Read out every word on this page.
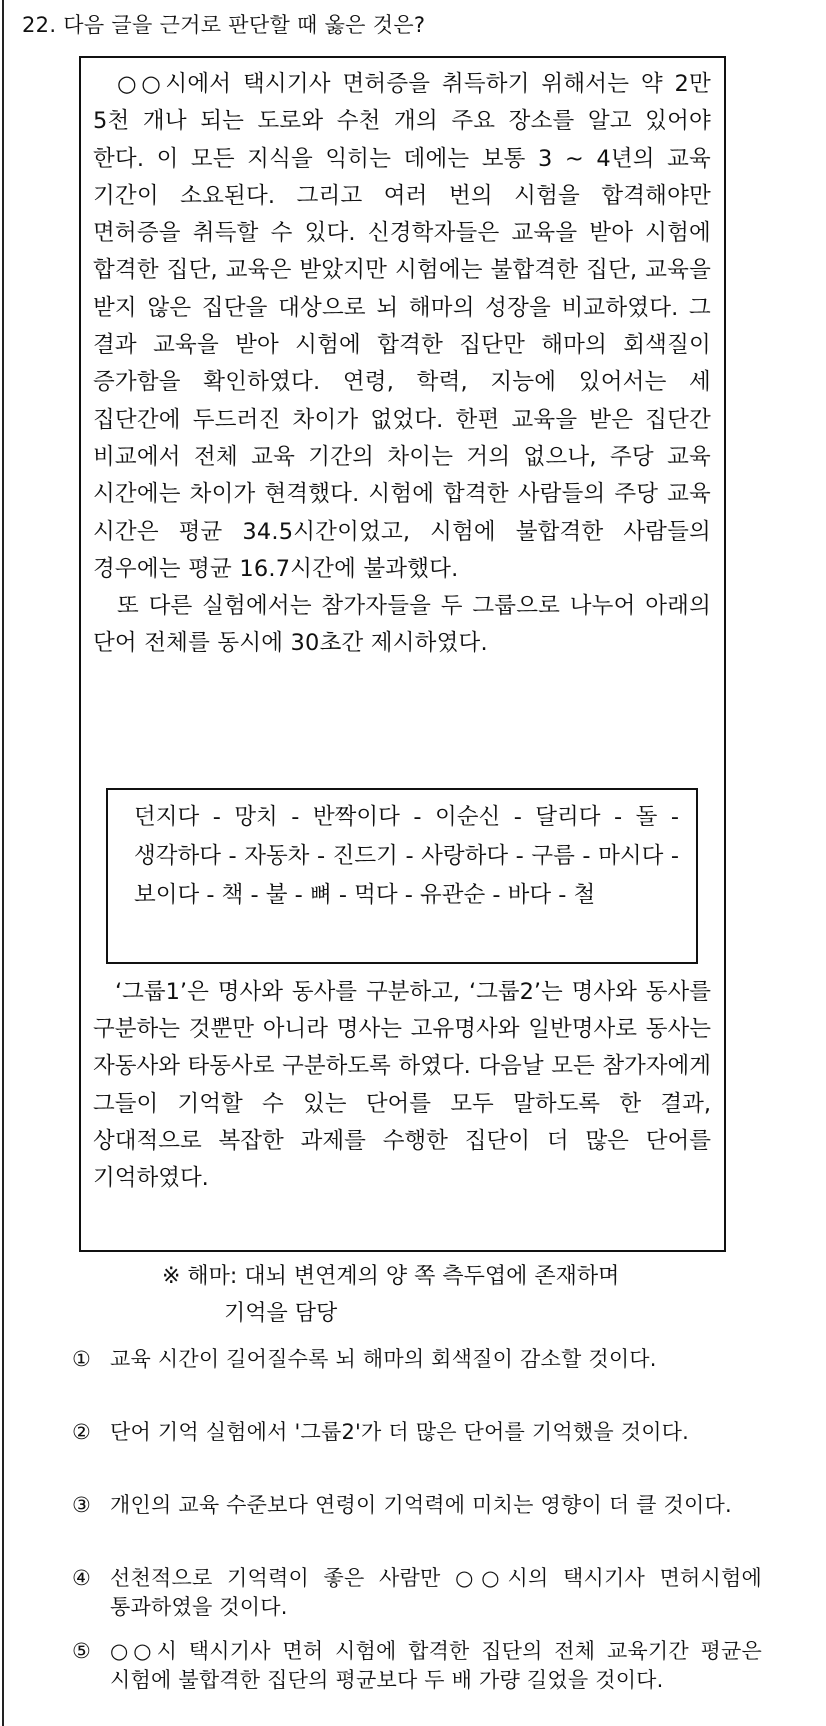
22. 다음 글을 근거로 판단할 때 옳은 것은?

○○시에서 택시기사 면허증을 취득하기 위해서는 약 2만 5천 개나 되는 도로와 수천 개의 주요 장소를 알고 있어야 한다. 이 모든 지식을 익히는 데에는 보통 3 ~ 4년의 교육 기간이 소요된다. 그리고 여러 번의 시험을 합격해야만 면허증을 취득할 수 있다. 신경학자들은 교육을 받아 시험에 합격한 집단, 교육은 받았지만 시험에는 불합격한 집단, 교육을 받지 않은 집단을 대상으로 뇌 해마의 성장을 비교하였다. 그 결과 교육을 받아 시험에 합격한 집단만 해마의 회색질이 증가함을 확인하였다. 연령, 학력, 지능에 있어서는 세 집단간에 두드러진 차이가 없었다. 한편 교육을 받은 집단간 비교에서 전체 교육 기간의 차이는 거의 없으나, 주당 교육 시간에는 차이가 현격했다. 시험에 합격한 사람들의 주당 교육 시간은 평균 34.5시간이었고, 시험에 불합격한 사람들의 경우에는 평균 16.7시간에 불과했다.

또 다른 실험에서는 참가자들을 두 그룹으로 나누어 아래의 단어 전체를 동시에 30초간 제시하였다.

던지다 - 망치 - 반짝이다 - 이순신 - 달리다 - 돌 - 생각하다 - 자동차 - 진드기 - 사랑하다 - 구름 - 마시다 - 보이다 - 책 - 불 - 뼈 - 먹다 - 유관순 - 바다 - 철
‘그룹1’은 명사와 동사를 구분하고, ‘그룹2’는 명사와 동사를 구분하는 것뿐만 아니라 명사는 고유명사와 일반명사로 동사는 자동사와 타동사로 구분하도록 하였다. 다음날 모든 참가자에게 그들이 기억할 수 있는 단어를 모두 말하도록 한 결과, 상대적으로 복잡한 과제를 수행한 집단이 더 많은 단어를 기억하였다.
※ 해마: 대뇌 변연계의 양 쪽 측두엽에 존재하며
기억을 담당
① 교육 시간이 길어질수록 뇌 해마의 회색질이 감소할 것이다.
② 단어 기억 실험에서 '그룹2'가 더 많은 단어를 기억했을 것이다.
③ 개인의 교육 수준보다 연령이 기억력에 미치는 영향이 더 클 것이다.
④ 선천적으로 기억력이 좋은 사람만 ○○시의 택시기사 면허시험에 통과하였을 것이다.
⑤ ○○시 택시기사 면허 시험에 합격한 집단의 전체 교육기간 평균은 시험에 불합격한 집단의 평균보다 두 배 가량 길었을 것이다.
